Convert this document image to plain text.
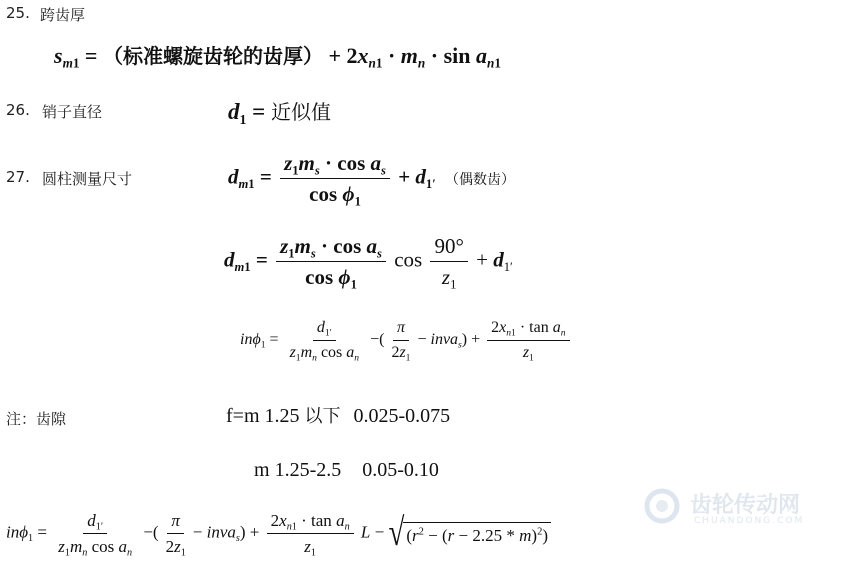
25. 跨齿厚
$s_{m1}$ = （标准螺旋齿轮的齿厚） + $2x_{n1} \cdot m_n \cdot \sin a_{n1}$
26. 销子直径	$d_1$ = 近似值
27. 圆柱测量尺寸	$d_{m1} = \frac{z_1m_s \cdot \cos a_s}{\cos \phi_1} + d_{1'}$ （偶数齿）
$d_{m1} = \frac{z_1m_s \cdot \cos a_s}{\cos \phi_1}$ $\cos \frac{90^\circ}{z_1} + d_{1'}$
$in\phi_1 = \frac{d_{1'}}{z_1m_n \cos a_n}$ −( $\frac{\pi}{2z_1}$ − inva$_s$) + $\frac{2x_{n1} \cdot \tan a_n}{z_1}$
注：齿隙	f=m 1.25 以下 0.025-0.075
m 1.25-2.5 0.05-0.10
$in\phi_1 = \frac{d_{1'}}{z_1m_n \cos a_n}$ −( $\frac{\pi}{2z_1}$ − inva$_s$) + $\frac{2x_{n1} \cdot \tan a_n}{z_1}$ L − √ $(r^2 - (r - 2.25 * m)^2)$
齿轮传动网
CHUANDONG.COM
